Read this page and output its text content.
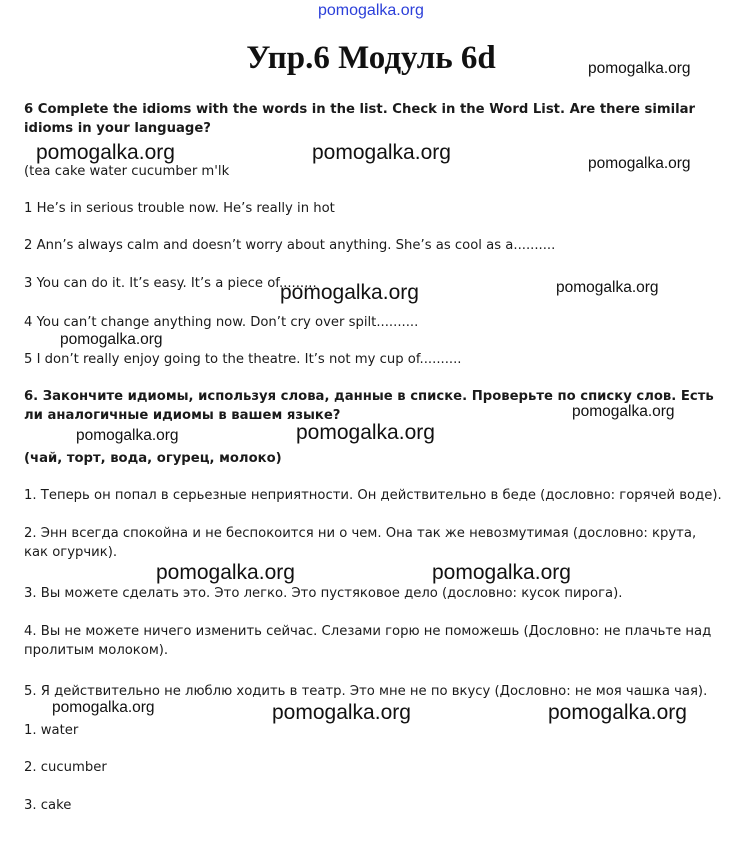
pomogalka.org
Упр.6 Модуль 6d
6 Complete the idioms with the words in the list. Check in the Word List. Are there similar idioms in your language?
(tea cake water cucumber m'lk
1 He’s in serious trouble now. He’s really in hot
2 Ann’s always calm and doesn’t worry about anything. She’s as cool as a..........
3 You can do it. It’s easy. It’s a piece of.........
4 You can’t change anything now. Don’t cry over spilt..........
5 I don’t really enjoy going to the theatre. It’s not my cup of..........
6. Закончите идиомы, используя слова, данные в списке. Проверьте по списку слов. Есть ли аналогичные идиомы в вашем языке?
(чай, торт, вода, огурец, молоко)
1. Теперь он попал в серьезные неприятности. Он действительно в беде (дословно: горячей воде).
2. Энн всегда спокойна и не беспокоится ни о чем. Она так же невозмутимая (дословно: крута, как огурчик).
3. Вы можете сделать это. Это легко. Это пустяковое дело (дословно: кусок пирога).
4. Вы не можете ничего изменить сейчас. Слезами горю не поможешь (Дословно: не плачьте над пролитым молоком).
5. Я действительно не люблю ходить в театр. Это мне не по вкусу (Дословно: не моя чашка чая).
1. water
2. cucumber
3. cake
pomogalka.org
pomogalka.org	pomogalka.org	pomogalka.org
pomogalka.org	pomogalka.org
pomogalka.org
pomogalka.org
pomogalka.org	pomogalka.org
pomogalka.org	pomogalka.org
pomogalka.org	pomogalka.org	pomogalka.org
